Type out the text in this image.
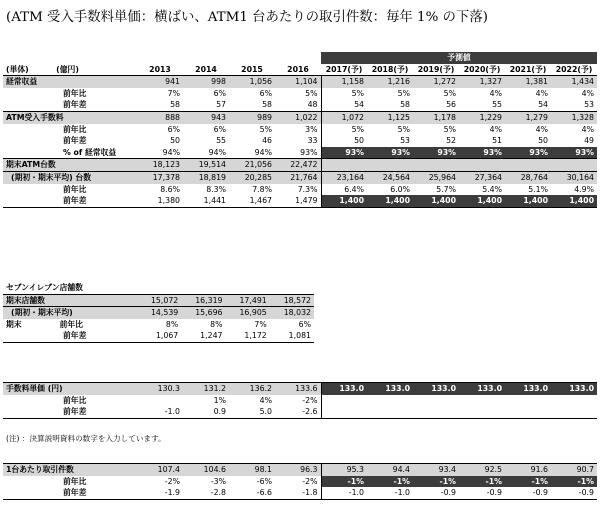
(ATM 受入手数料単価：横ばい、ATM1 台あたりの取引件数：毎年 1% の下落)
					予測値					
(単体) (億円)	2013	2014	2015	2016	2017(予)	2018(予)	2019(予)	2020(予)	2021(予)	2022(予)
経常収益	941	998	1,056	1,104	1,158	1,216	1,272	1,327	1,381	1,434
前年比	7%	6%	6%	5%	5%	5%	5%	4%	4%	4%
前年差	58	57	58	48	54	58	56	55	54	53
ATM受入手数料	888	943	989	1,022	1,072	1,125	1,178	1,229	1,279	1,328
前年比	6%	6%	5%	3%	5%	5%	5%	4%	4%	4%
前年差	50	55	46	33	50	53	52	51	50	49
% of 経常収益	94%	94%	94%	93%	93%	93%	93%	93%	93%	93%
期末ATM台数	18,123	19,514	21,056	22,472						
(期初・期末平均) 台数	17,378	18,819	20,285	21,764	23,164	24,564	25,964	27,364	28,764	30,164
前年比	8.6%	8.3%	7.8%	7.3%	6.4%	6.0%	5.7%	5.4%	5.1%	4.9%
前年差	1,380	1,441	1,467	1,479	1,400	1,400	1,400	1,400	1,400	1,400
セブンイレブン店舗数				
期末店舗数	15,072	16,319	17,491	18,572
(期初・期末平均)	14,539	15,696	16,905	18,032
期末 前年比	8%	8%	7%	6%
前年差	1,067	1,247	1,172	1,081
手数料単価 (円)	130.3	131.2	136.2	133.6	133.0	133.0	133.0	133.0	133.0	133.0
前年比		1%	4%	-2%						
前年差	-1.0	0.9	5.0	-2.6						
(注) ：決算説明資料の数字を入力しています。
1台あたり取引件数	107.4	104.6	98.1	96.3	95.3	94.4	93.4	92.5	91.6	90.7
前年比	-2%	-3%	-6%	-2%	-1%	-1%	-1%	-1%	-1%	-1%
前年差	-1.9	-2.8	-6.6	-1.8	-1.0	-1.0	-0.9	-0.9	-0.9	-0.9
